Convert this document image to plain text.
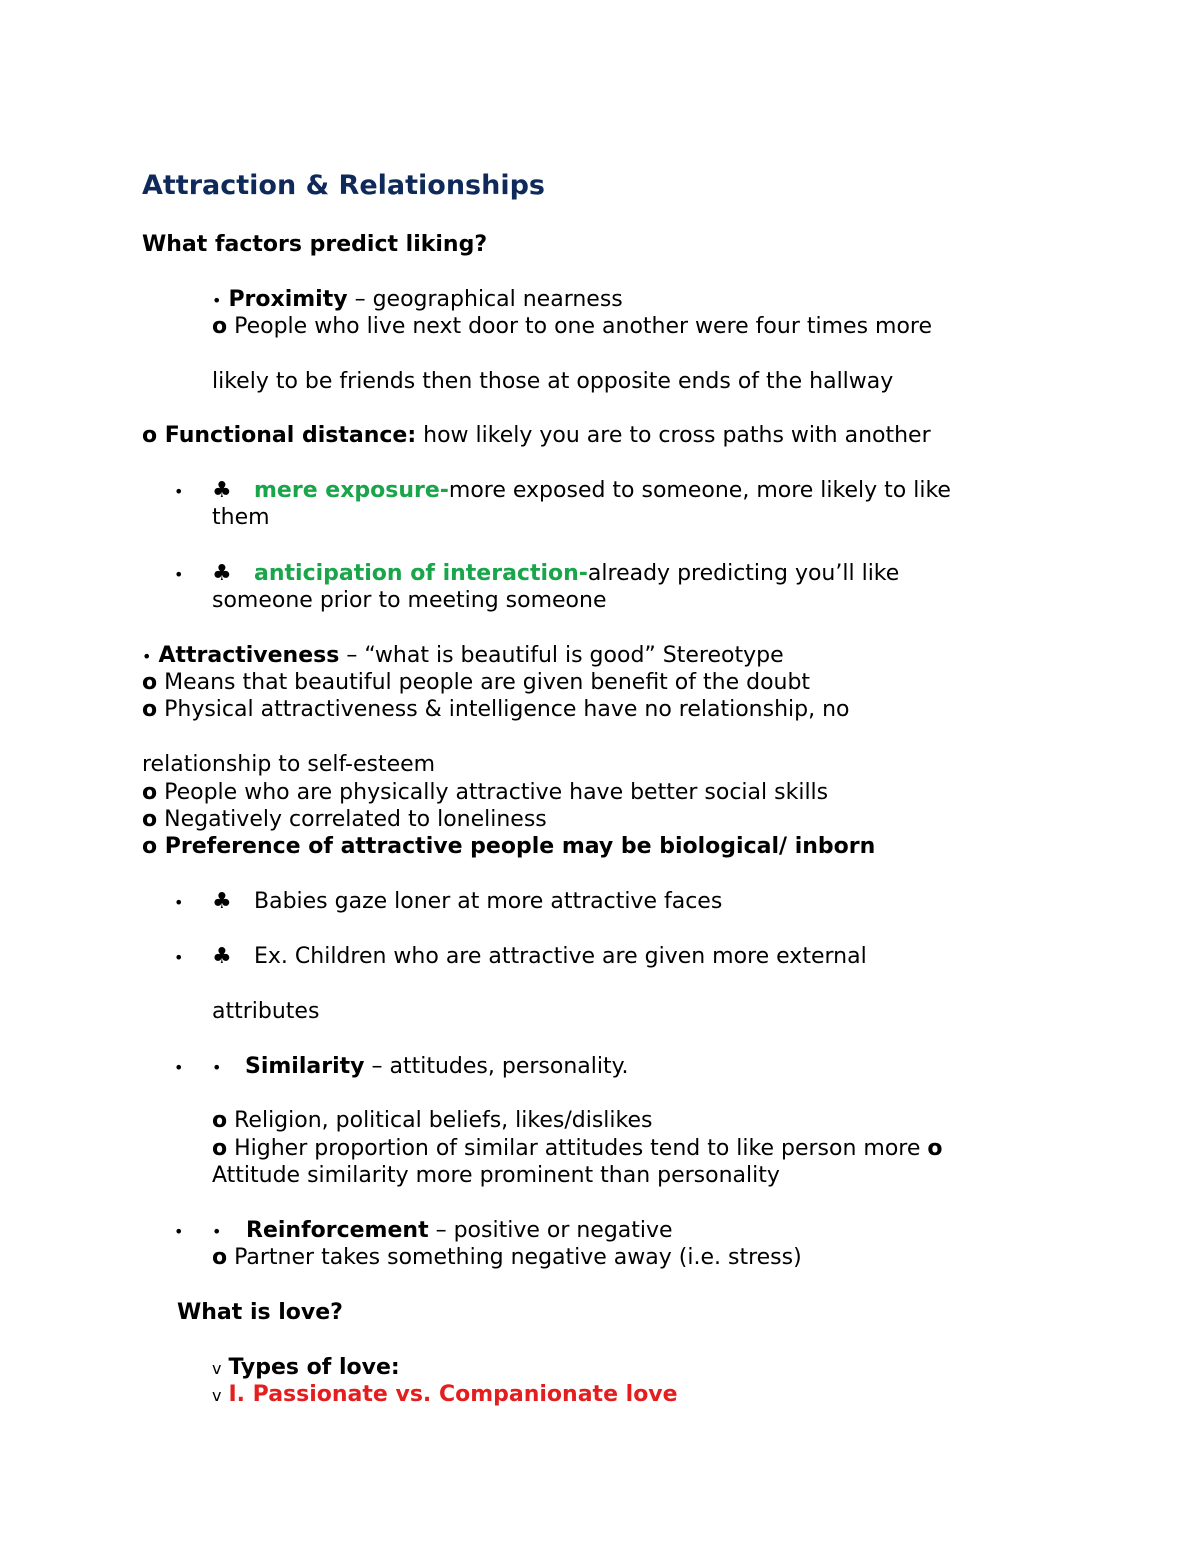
Attraction & Relationships
What factors predict liking?
• Proximity – geographical nearness
o People who live next door to one another were four times more
likely to be friends then those at opposite ends of the hallway
o Functional distance: how likely you are to cross paths with another
• ♣ mere exposure-more exposed to someone, more likely to like
them
• ♣ anticipation of interaction-already predicting you’ll like
someone prior to meeting someone
• Attractiveness – “what is beautiful is good” Stereotype
o Means that beautiful people are given benefit of the doubt
o Physical attractiveness & intelligence have no relationship, no
relationship to self-esteem
o People who are physically attractive have better social skills
o Negatively correlated to loneliness
o Preference of attractive people may be biological/ inborn
• ♣ Babies gaze loner at more attractive faces
• ♣ Ex. Children who are attractive are given more external
attributes
• • Similarity – attitudes, personality.
o Religion, political beliefs, likes/dislikes
o Higher proportion of similar attitudes tend to like person more o
Attitude similarity more prominent than personality
• • Reinforcement – positive or negative
o Partner takes something negative away (i.e. stress)
What is love?
v Types of love:
v I. Passionate vs. Companionate love
